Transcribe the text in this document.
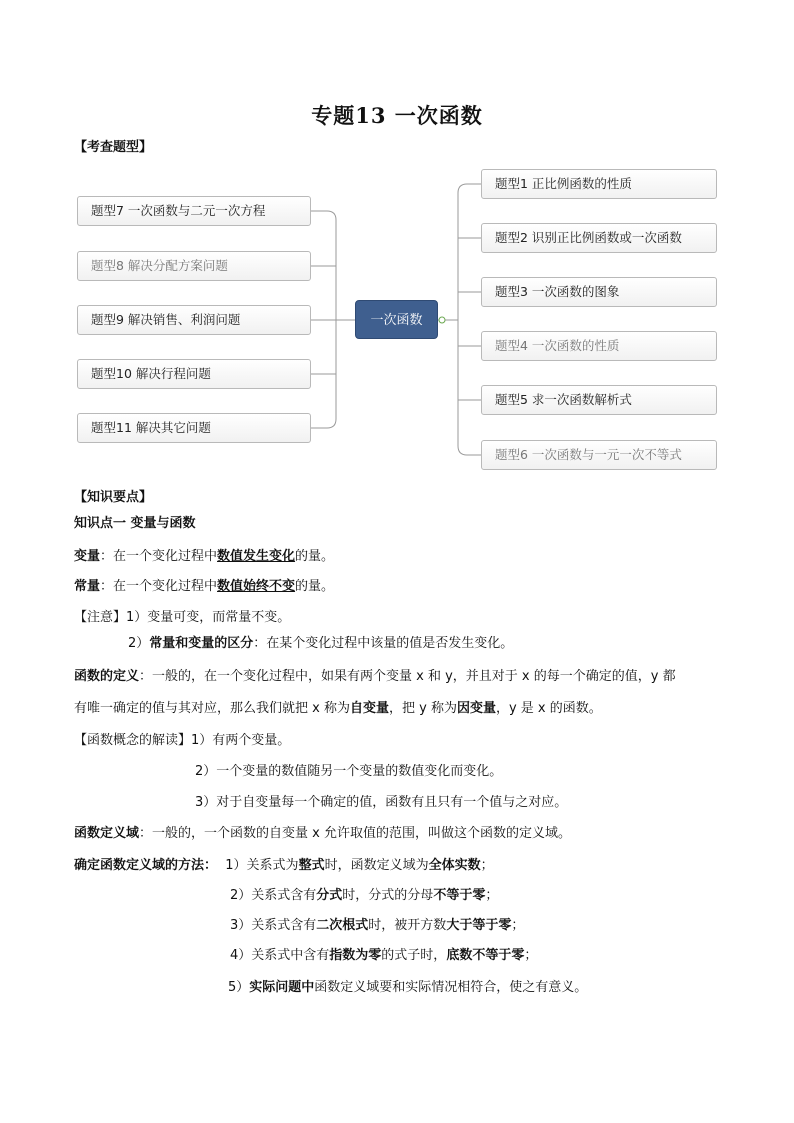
专题13 一次函数
【考查题型】
题型7 一次函数与二元一次方程
题型8 解决分配方案问题
题型9 解决销售、利润问题
题型10 解决行程问题
题型11 解决其它问题
一次函数
题型1 正比例函数的性质
题型2 识别正比例函数或一次函数
题型3 一次函数的图象
题型4 一次函数的性质
题型5 求一次函数解析式
题型6 一次函数与一元一次不等式
【知识要点】
知识点一 变量与函数
变量：在一个变化过程中数值发生变化的量。
常量：在一个变化过程中数值始终不变的量。
【注意】1）变量可变，而常量不变。
2）常量和变量的区分：在某个变化过程中该量的值是否发生变化。
函数的定义：一般的，在一个变化过程中，如果有两个变量 x 和 y，并且对于 x 的每一个确定的值，y 都
有唯一确定的值与其对应，那么我们就把 x 称为自变量，把 y 称为因变量，y 是 x 的函数。
【函数概念的解读】1）有两个变量。
2）一个变量的数值随另一个变量的数值变化而变化。
3）对于自变量每一个确定的值，函数有且只有一个值与之对应。
函数定义域：一般的，一个函数的自变量 x 允许取值的范围，叫做这个函数的定义域。
确定函数定义域的方法： 1）关系式为整式时，函数定义域为全体实数；
2）关系式含有分式时，分式的分母不等于零；
3）关系式含有二次根式时，被开方数大于等于零；
4）关系式中含有指数为零的式子时，底数不等于零；
5）实际问题中函数定义域要和实际情况相符合，使之有意义。
